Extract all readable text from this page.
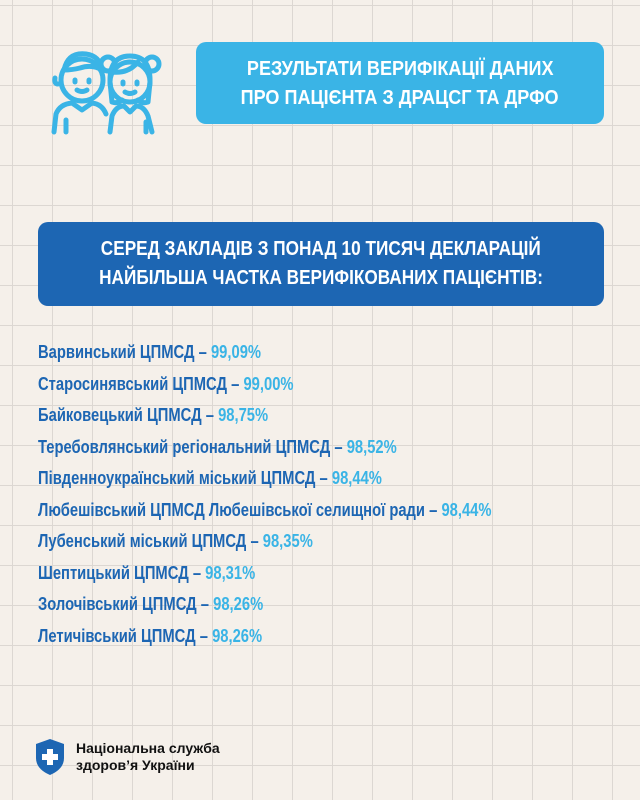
РЕЗУЛЬТАТИ ВЕРИФІКАЦІЇ ДАНИХ
ПРО ПАЦІЄНТА З ДРАЦСГ ТА ДРФО
СЕРЕД ЗАКЛАДІВ З ПОНАД 10 ТИСЯЧ ДЕКЛАРАЦІЙ
НАЙБІЛЬША ЧАСТКА ВЕРИФІКОВАНИХ ПАЦІЄНТІВ:
Варвинський ЦПМСД – 99,09%
Старосинявський ЦПМСД – 99,00%
Байковецький ЦПМСД – 98,75%
Теребовлянський регіональний ЦПМСД – 98,52%
Південноукраїнський міський ЦПМСД – 98,44%
Любешівський ЦПМСД Любешівської селищної ради – 98,44%
Лубенський міський ЦПМСД – 98,35%
Шептицький ЦПМСД – 98,31%
Золочівський ЦПМСД – 98,26%
Летичівський ЦПМСД – 98,26%
Національна служба
здоров’я України
